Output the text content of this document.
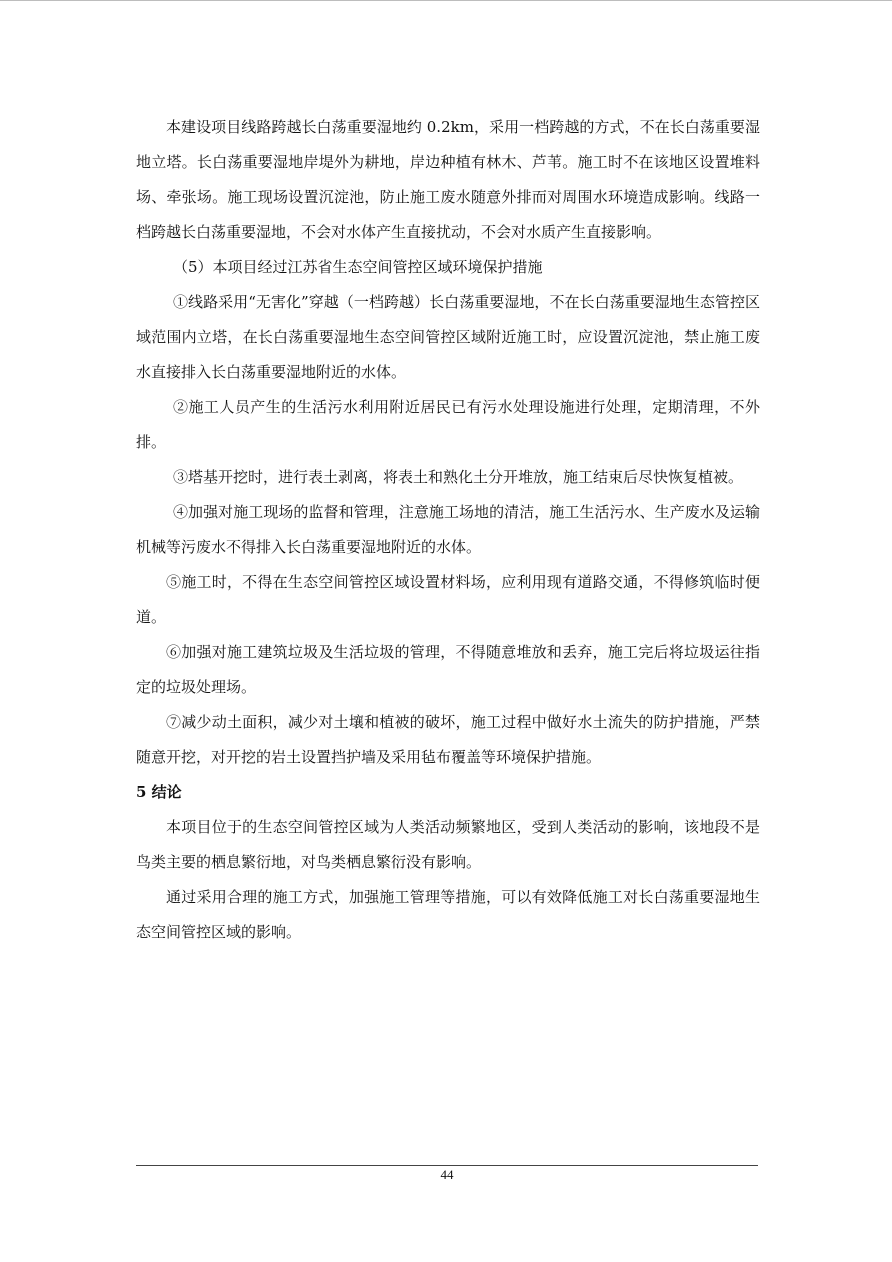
本建设项目线路跨越长白荡重要湿地约 0.2km，采用一档跨越的方式，不在长白荡重要湿地立塔。长白荡重要湿地岸堤外为耕地，岸边种植有林木、芦苇。施工时不在该地区设置堆料场、牵张场。施工现场设置沉淀池，防止施工废水随意外排而对周围水环境造成影响。线路一档跨越长白荡重要湿地，不会对水体产生直接扰动，不会对水质产生直接影响。

（5）本项目经过江苏省生态空间管控区域环境保护措施

①线路采用“无害化”穿越（一档跨越）长白荡重要湿地，不在长白荡重要湿地生态管控区域范围内立塔，在长白荡重要湿地生态空间管控区域附近施工时，应设置沉淀池，禁止施工废水直接排入长白荡重要湿地附近的水体。

②施工人员产生的生活污水利用附近居民已有污水处理设施进行处理，定期清理，不外排。

③塔基开挖时，进行表土剥离，将表土和熟化土分开堆放，施工结束后尽快恢复植被。

④加强对施工现场的监督和管理，注意施工场地的清洁，施工生活污水、生产废水及运输机械等污废水不得排入长白荡重要湿地附近的水体。

⑤施工时，不得在生态空间管控区域设置材料场，应利用现有道路交通，不得修筑临时便道。

⑥加强对施工建筑垃圾及生活垃圾的管理，不得随意堆放和丢弃，施工完后将垃圾运往指定的垃圾处理场。

⑦减少动土面积，减少对土壤和植被的破坏，施工过程中做好水土流失的防护措施，严禁随意开挖，对开挖的岩土设置挡护墙及采用毡布覆盖等环境保护措施。

5 结论

本项目位于的生态空间管控区域为人类活动频繁地区，受到人类活动的影响，该地段不是鸟类主要的栖息繁衍地，对鸟类栖息繁衍没有影响。

通过采用合理的施工方式，加强施工管理等措施，可以有效降低施工对长白荡重要湿地生态空间管控区域的影响。

44
